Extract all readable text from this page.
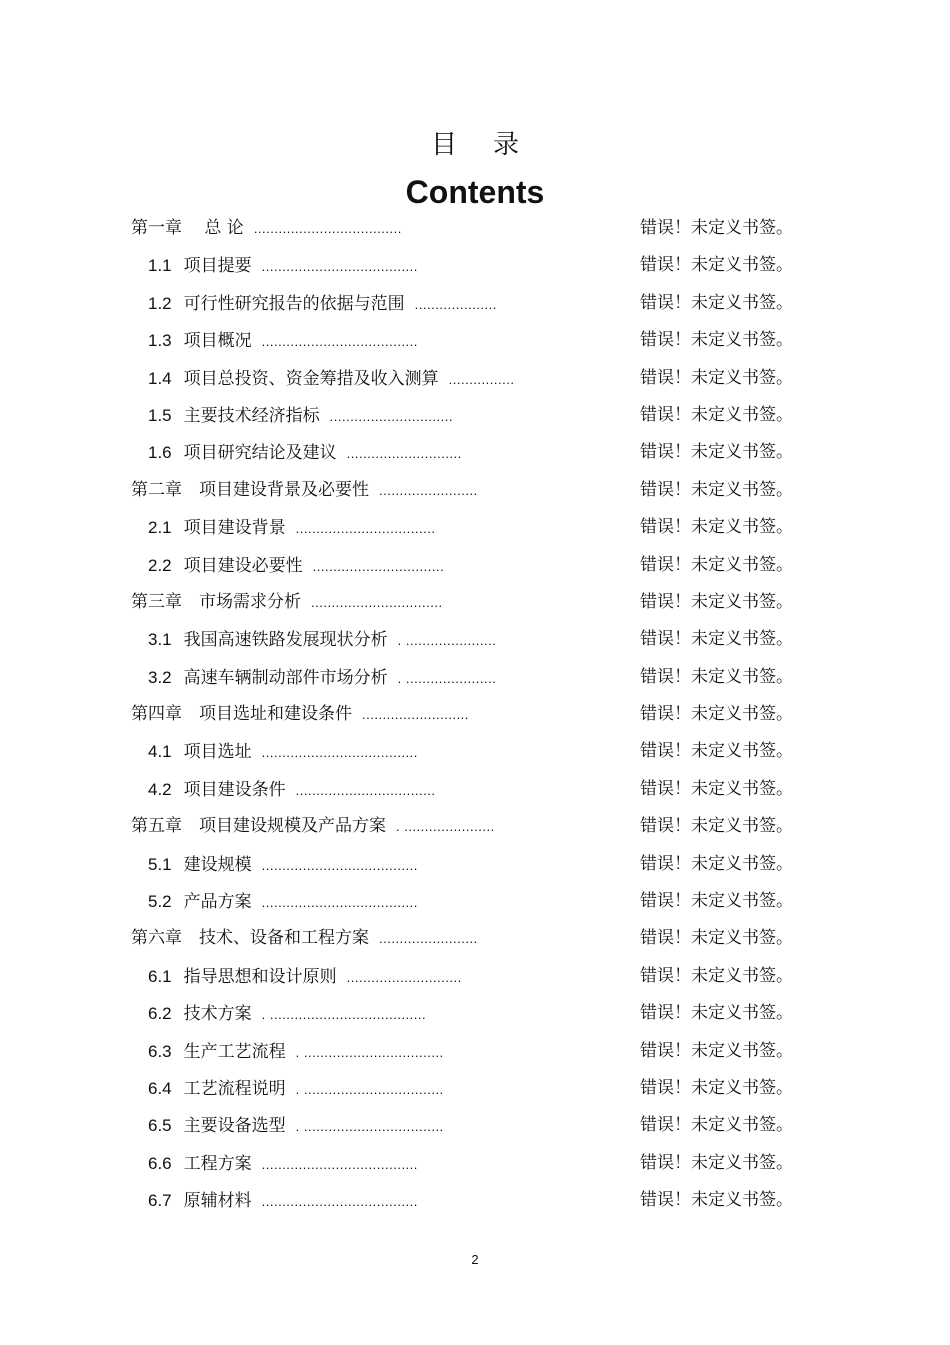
目 录
Contents
第一章　 总 论 ....................................	错误！未定义书签。
1.1 项目提要 ......................................	错误！未定义书签。
1.2 可行性研究报告的依据与范围 ....................	错误！未定义书签。
1.3 项目概况 ......................................	错误！未定义书签。
1.4 项目总投资、资金筹措及收入测算 ................	错误！未定义书签。
1.5 主要技术经济指标 ..............................	错误！未定义书签。
1.6 项目研究结论及建议 ............................	错误！未定义书签。
第二章　项目建设背景及必要性 ........................	错误！未定义书签。
2.1 项目建设背景 ..................................	错误！未定义书签。
2.2 项目建设必要性 ................................	错误！未定义书签。
第三章　市场需求分析 ................................	错误！未定义书签。
3.1 我国高速铁路发展现状分析 . ......................	错误！未定义书签。
3.2 高速车辆制动部件市场分析 . ......................	错误！未定义书签。
第四章　项目选址和建设条件 ..........................	错误！未定义书签。
4.1 项目选址 ......................................	错误！未定义书签。
4.2 项目建设条件 ..................................	错误！未定义书签。
第五章　项目建设规模及产品方案 . ......................	错误！未定义书签。
5.1 建设规模 ......................................	错误！未定义书签。
5.2 产品方案 ......................................	错误！未定义书签。
第六章　技术、设备和工程方案 ........................	错误！未定义书签。
6.1 指导思想和设计原则 ............................	错误！未定义书签。
6.2 技术方案 . ......................................	错误！未定义书签。
6.3 生产工艺流程 . ..................................	错误！未定义书签。
6.4 工艺流程说明 . ..................................	错误！未定义书签。
6.5 主要设备选型 . ..................................	错误！未定义书签。
6.6 工程方案 ......................................	错误！未定义书签。
6.7 原辅材料 ......................................	错误！未定义书签。
2
